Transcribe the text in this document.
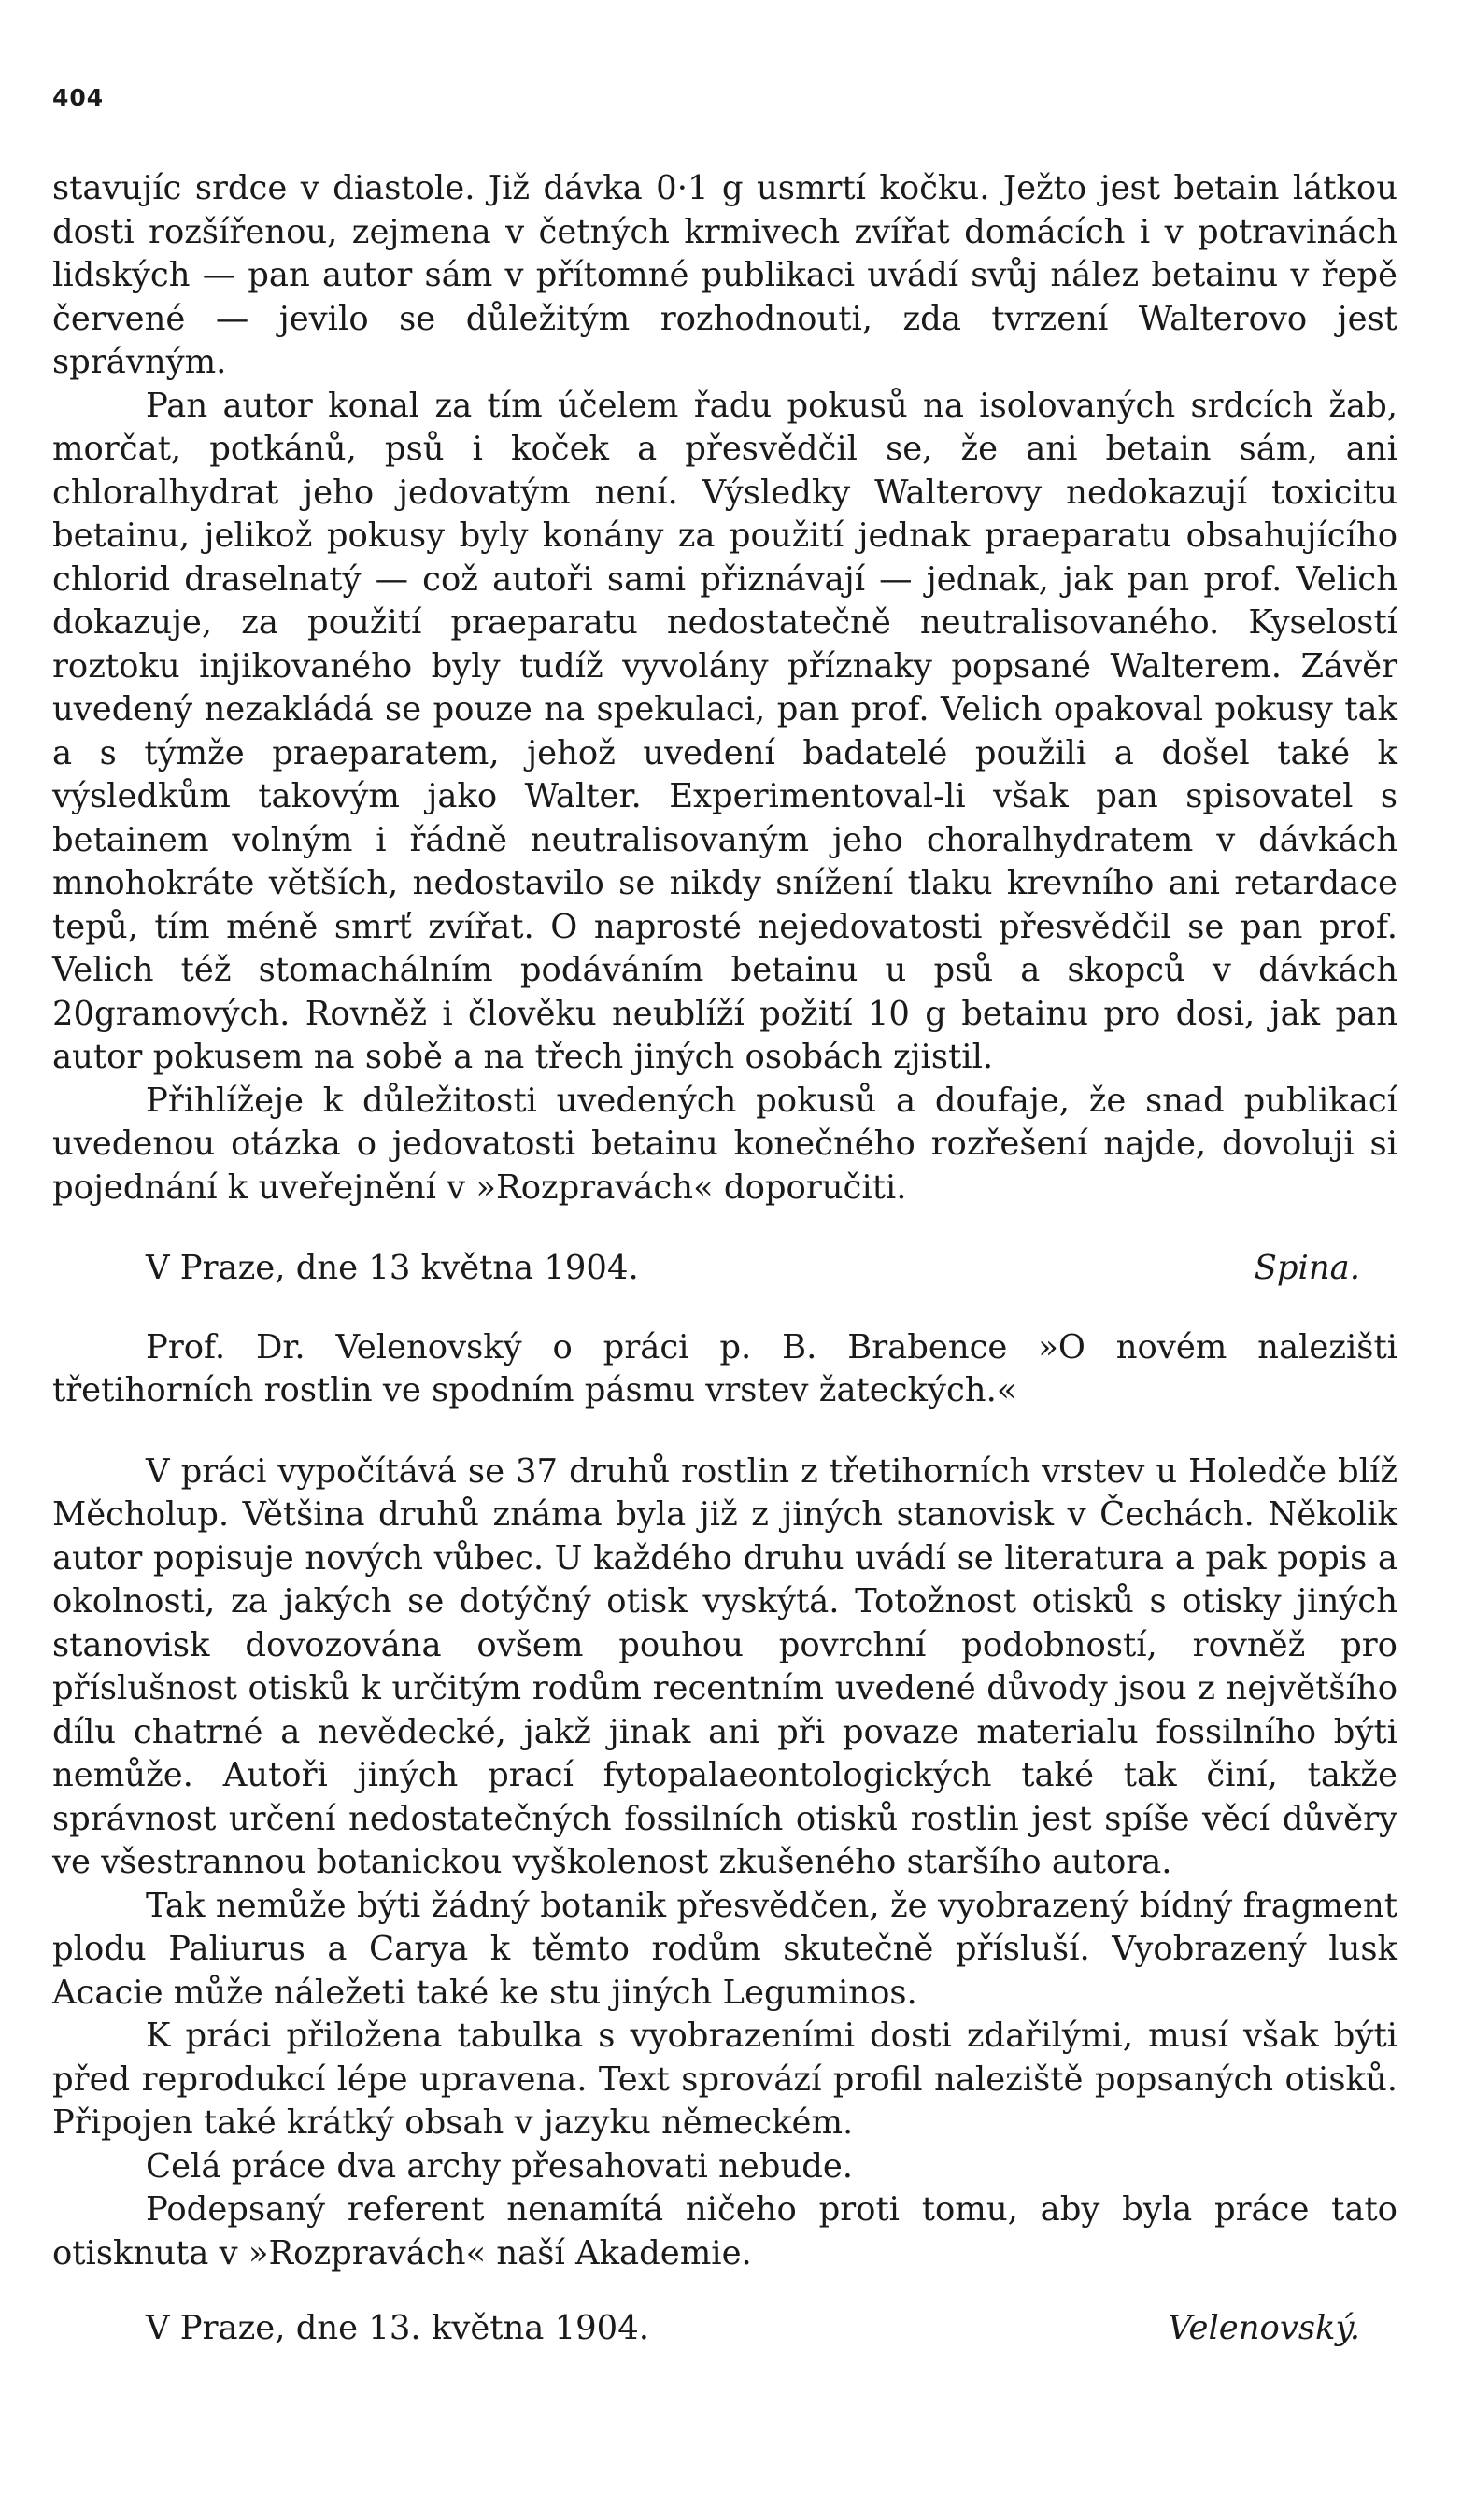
404

stavujíc srdce v diastole. Již dávka 0·1 g usmrtí kočku. Ježto jest betain látkou dosti rozšířenou, zejmena v četných krmivech zvířat domácích i v potravinách lidských — pan autor sám v přítomné publikaci uvádí svůj nález betainu v řepě červené — jevilo se důležitým rozhodnouti, zda tvrzení Walterovo jest správným.

Pan autor konal za tím účelem řadu pokusů na isolovaných srdcích žab, morčat, potkánů, psů i koček a přesvědčil se, že ani betain sám, ani chloralhydrat jeho jedovatým není. Výsledky Walterovy nedokazují toxicitu betainu, jelikož pokusy byly konány za použití jednak praeparatu obsahujícího chlorid draselnatý — což autoři sami přiznávají — jednak, jak pan prof. Velich dokazuje, za použití praeparatu nedostatečně neutralisovaného. Kyselostí roztoku injikovaného byly tudíž vyvolány příznaky popsané Walterem. Závěr uvedený nezakládá se pouze na spekulaci, pan prof. Velich opakoval pokusy tak a s týmže praeparatem, jehož uvedení badatelé použili a došel také k výsledkům takovým jako Walter. Experimentoval-li však pan spisovatel s betainem volným i řádně neutralisovaným jeho choralhydratem v dávkách mnohokráte větších, nedostavilo se nikdy snížení tlaku krevního ani retardace tepů, tím méně smrť zvířat. O naprosté nejedovatosti přesvědčil se pan prof. Velich též stomachálním podáváním betainu u psů a skopců v dávkách 20gramových. Rovněž i člověku neublíží požití 10 g betainu pro dosi, jak pan autor pokusem na sobě a na třech jiných osobách zjistil.

Přihlížeje k důležitosti uvedených pokusů a doufaje, že snad publikací uvedenou otázka o jedovatosti betainu konečného rozřešení najde, dovoluji si pojednání k uveřejnění v »Rozpravách« doporučiti.

V Praze, dne 13 května 1904.	Spina.

Prof. Dr. Velenovský o práci p. B. Brabence »O novém nalezišti třetihorních rostlin ve spodním pásmu vrstev žateckých.«

V práci vypočítává se 37 druhů rostlin z třetihorních vrstev u Holedče blíž Měcholup. Většina druhů známa byla již z jiných stanovisk v Čechách. Několik autor popisuje nových vůbec. U každého druhu uvádí se literatura a pak popis a okolnosti, za jakých se dotýčný otisk vyskýtá. Totožnost otisků s otisky jiných stanovisk dovozována ovšem pouhou povrchní podobností, rovněž pro příslušnost otisků k určitým rodům recentním uvedené důvody jsou z největšího dílu chatrné a nevědecké, jakž jinak ani při povaze materialu fossilního býti nemůže. Autoři jiných prací fytopalaeontologických také tak činí, takže správnost určení nedostatečných fossilních otisků rostlin jest spíše věcí důvěry ve všestrannou botanickou vyškolenost zkušeného staršího autora.

Tak nemůže býti žádný botanik přesvědčen, že vyobrazený bídný fragment plodu Paliurus a Carya k těmto rodům skutečně přísluší. Vyobrazený lusk Acacie může náležeti také ke stu jiných Leguminos.

K práci přiložena tabulka s vyobrazeními dosti zdařilými, musí však býti před reprodukcí lépe upravena. Text sprovází profil naleziště popsaných otisků. Připojen také krátký obsah v jazyku německém.

Celá práce dva archy přesahovati nebude.

Podepsaný referent nenamítá ničeho proti tomu, aby byla práce tato otisknuta v »Rozpravách« naší Akademie.

V Praze, dne 13. května 1904.	Velenovský.
